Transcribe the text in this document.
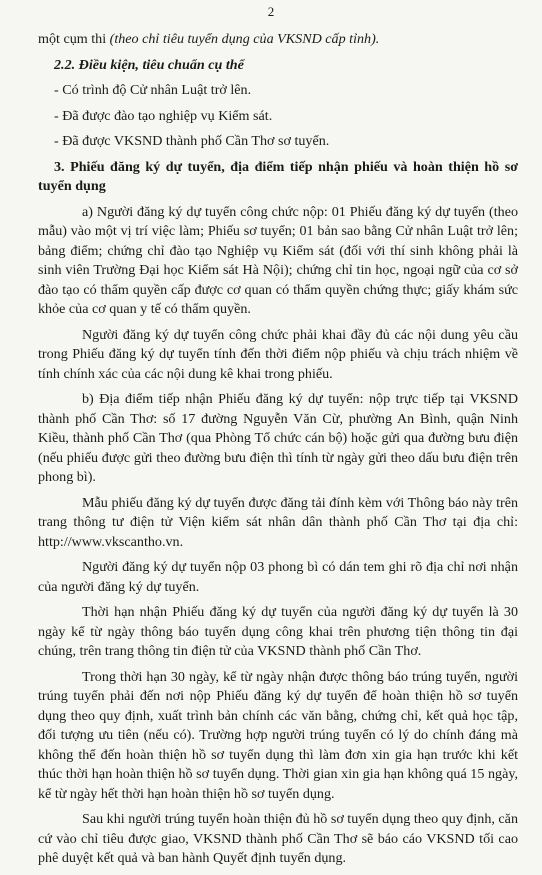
2

một cụm thi (theo chỉ tiêu tuyển dụng của VKSND cấp tỉnh).

2.2. Điều kiện, tiêu chuẩn cụ thể

- Có trình độ Cử nhân Luật trở lên.

- Đã được đào tạo nghiệp vụ Kiểm sát.

- Đã được VKSND thành phố Cần Thơ sơ tuyển.

3. Phiếu đăng ký dự tuyển, địa điểm tiếp nhận phiếu và hoàn thiện hồ sơ tuyển dụng

a) Người đăng ký dự tuyển công chức nộp: 01 Phiếu đăng ký dự tuyển (theo mẫu) vào một vị trí việc làm; Phiếu sơ tuyển; 01 bản sao bằng Cử nhân Luật trở lên; bảng điểm; chứng chỉ đào tạo Nghiệp vụ Kiểm sát (đối với thí sinh không phải là sinh viên Trường Đại học Kiểm sát Hà Nội); chứng chỉ tin học, ngoại ngữ của cơ sở đào tạo có thẩm quyền cấp được cơ quan có thẩm quyền chứng thực; giấy khám sức khỏe của cơ quan y tế có thẩm quyền.

Người đăng ký dự tuyển công chức phải khai đầy đủ các nội dung yêu cầu trong Phiếu đăng ký dự tuyển tính đến thời điểm nộp phiếu và chịu trách nhiệm về tính chính xác của các nội dung kê khai trong phiếu.

b) Địa điểm tiếp nhận Phiếu đăng ký dự tuyển: nộp trực tiếp tại VKSND thành phố Cần Thơ: số 17 đường Nguyễn Văn Cừ, phường An Bình, quận Ninh Kiều, thành phố Cần Thơ (qua Phòng Tổ chức cán bộ) hoặc gửi qua đường bưu điện (nếu phiếu được gửi theo đường bưu điện thì tính từ ngày gửi theo dấu bưu điện trên phong bì).

Mẫu phiếu đăng ký dự tuyển được đăng tải đính kèm với Thông báo này trên trang thông tư điện tử Viện kiểm sát nhân dân thành phố Cần Thơ tại địa chỉ: http://www.vkscantho.vn.

Người đăng ký dự tuyển nộp 03 phong bì có dán tem ghi rõ địa chỉ nơi nhận của người đăng ký dự tuyển.

Thời hạn nhận Phiếu đăng ký dự tuyển của người đăng ký dự tuyển là 30 ngày kể từ ngày thông báo tuyển dụng công khai trên phương tiện thông tin đại chúng, trên trang thông tin điện tử của VKSND thành phố Cần Thơ.

Trong thời hạn 30 ngày, kể từ ngày nhận được thông báo trúng tuyển, người trúng tuyển phải đến nơi nộp Phiếu đăng ký dự tuyển để hoàn thiện hồ sơ tuyển dụng theo quy định, xuất trình bản chính các văn bằng, chứng chỉ, kết quả học tập, đối tượng ưu tiên (nếu có). Trường hợp người trúng tuyển có lý do chính đáng mà không thể đến hoàn thiện hồ sơ tuyển dụng thì làm đơn xin gia hạn trước khi kết thúc thời hạn hoàn thiện hồ sơ tuyển dụng. Thời gian xin gia hạn không quá 15 ngày, kể từ ngày hết thời hạn hoàn thiện hồ sơ tuyển dụng.

Sau khi người trúng tuyển hoàn thiện đủ hồ sơ tuyển dụng theo quy định, căn cứ vào chỉ tiêu được giao, VKSND thành phố Cần Thơ sẽ báo cáo VKSND tối cao phê duyệt kết quả và ban hành Quyết định tuyển dụng.
